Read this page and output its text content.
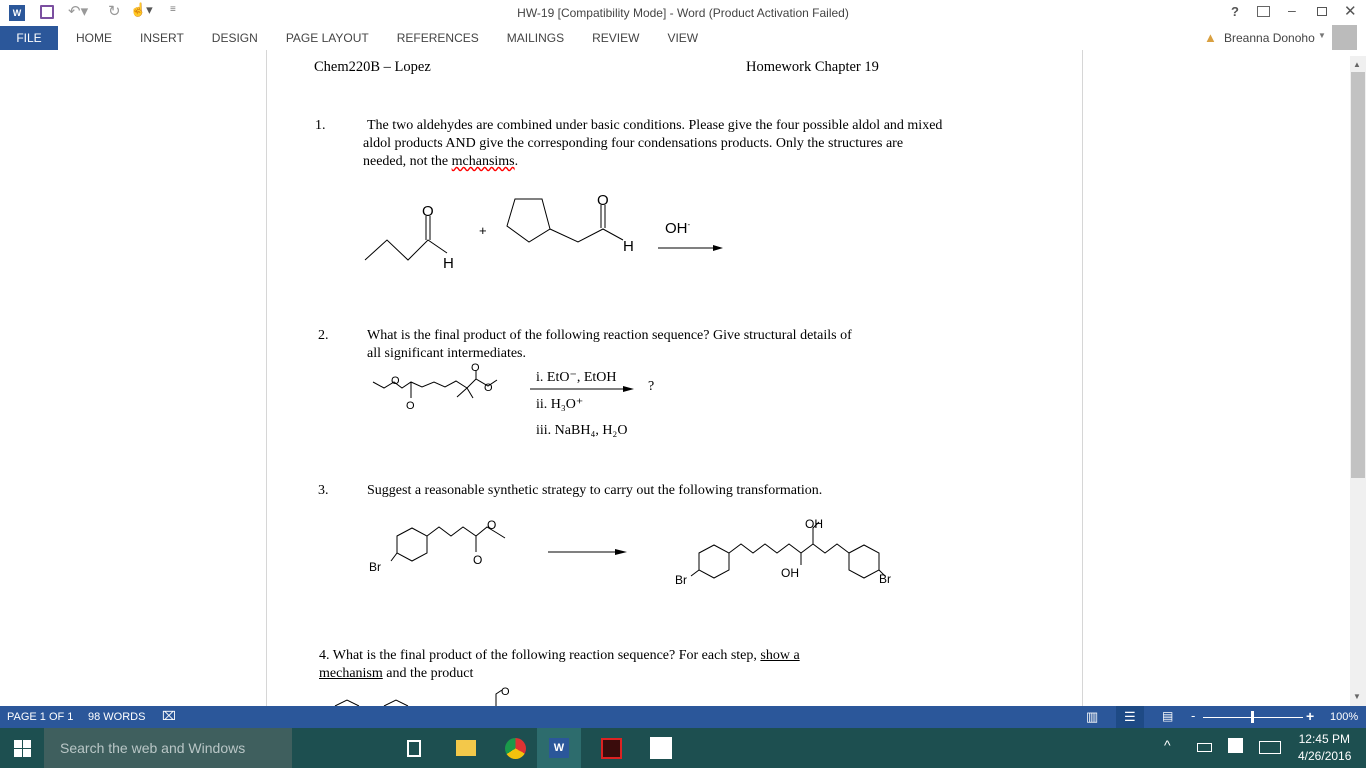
W	↶▾ ↻ ☝▾ ≡	HW-19 [Compatibility Mode] - Word (Product Activation Failed)	?	–	✕
FILE	HOME	INSERT	DESIGN	PAGE LAYOUT	REFERENCES	MAILINGS	REVIEW	VIEW	▲ Breanna Donoho ▼
Chem220B – Lopez	Homework Chapter 19
1.	The two aldehydes are combined under basic conditions. Please give the four possible aldol and mixed
aldol products AND give the corresponding four condensations products. Only the structures are
needed, not the mchansims.
O
H
+
O
H
OH-
2.	What is the final product of the following reaction sequence? Give structural details of
all significant intermediates.
O
O
O
O
i. EtO⁻, EtOH
?
ii. H₃O⁺
iii. NaBH₄, H₂O
3.	Suggest a reasonable synthetic strategy to carry out the following transformation.
Br
O
O
Br	Br
OH
OH
4. What is the final product of the following reaction sequence? For each step, show a
mechanism and the product
O
▲
▼
PAGE 1 OF 1 98 WORDS ⌧	▥ ☰ ▤ -	+ 100%
W	^	12:45 PM
4/26/2016
Search the web and Windows
